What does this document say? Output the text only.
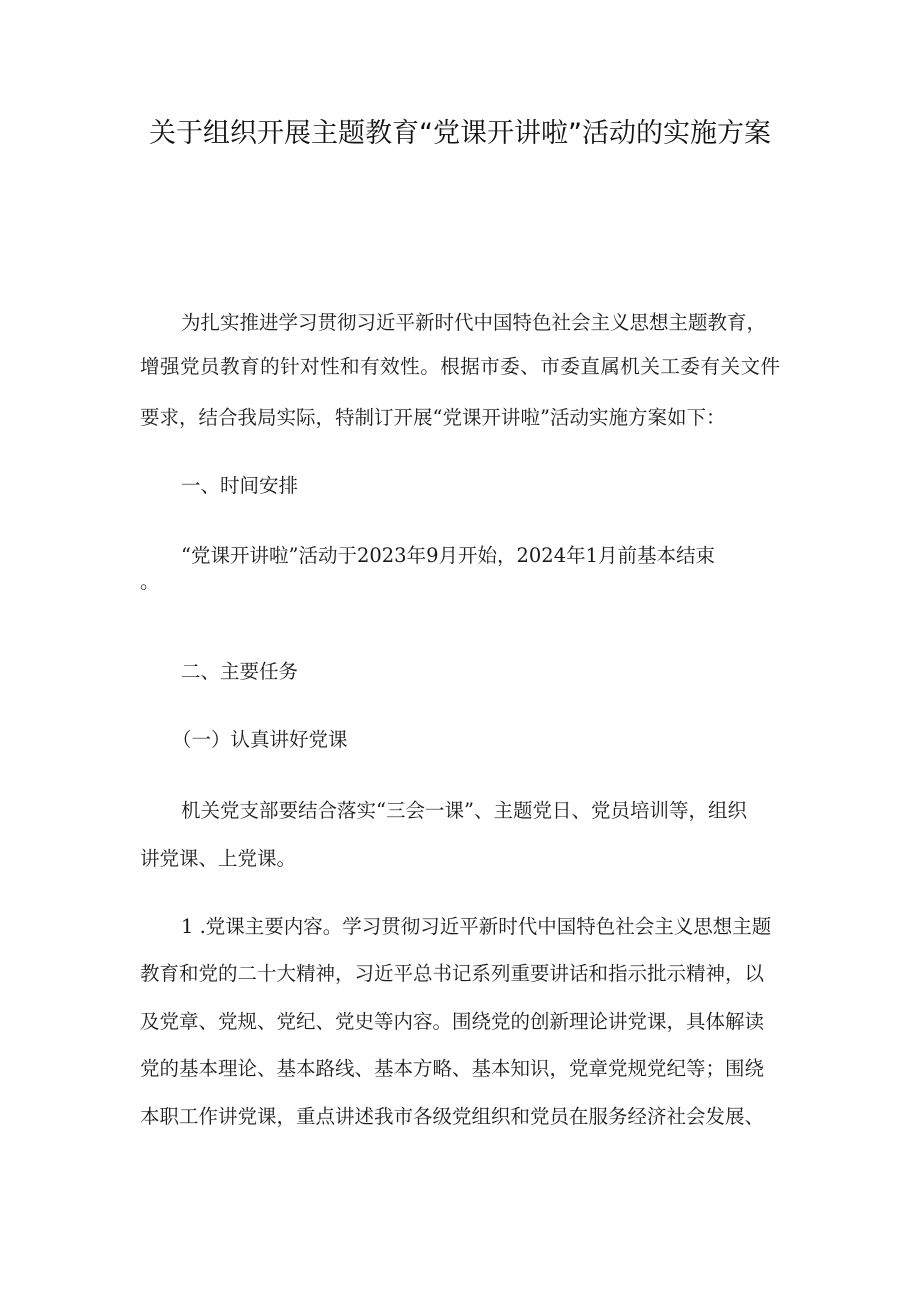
关于组织开展主题教育“党课开讲啦”活动的实施方案
为扎实推进学习贯彻习近平新时代中国特色社会主义思想主题教育，
增强党员教育的针对性和有效性。根据市委、市委直属机关工委有关文件
要求，结合我局实际，特制订开展“党课开讲啦”活动实施方案如下：
一、时间安排
“党课开讲啦”活动于2023年9月开始，2024年1月前基本结束
。
二、主要任务
（一）认真讲好党课
机关党支部要结合落实“三会一课”、主题党日、党员培训等，组织
讲党课、上党课。
1 .党课主要内容。学习贯彻习近平新时代中国特色社会主义思想主题
教育和党的二十大精神，习近平总书记系列重要讲话和指示批示精神，以
及党章、党规、党纪、党史等内容。围绕党的创新理论讲党课，具体解读
党的基本理论、基本路线、基本方略、基本知识，党章党规党纪等；围绕
本职工作讲党课，重点讲述我市各级党组织和党员在服务经济社会发展、
